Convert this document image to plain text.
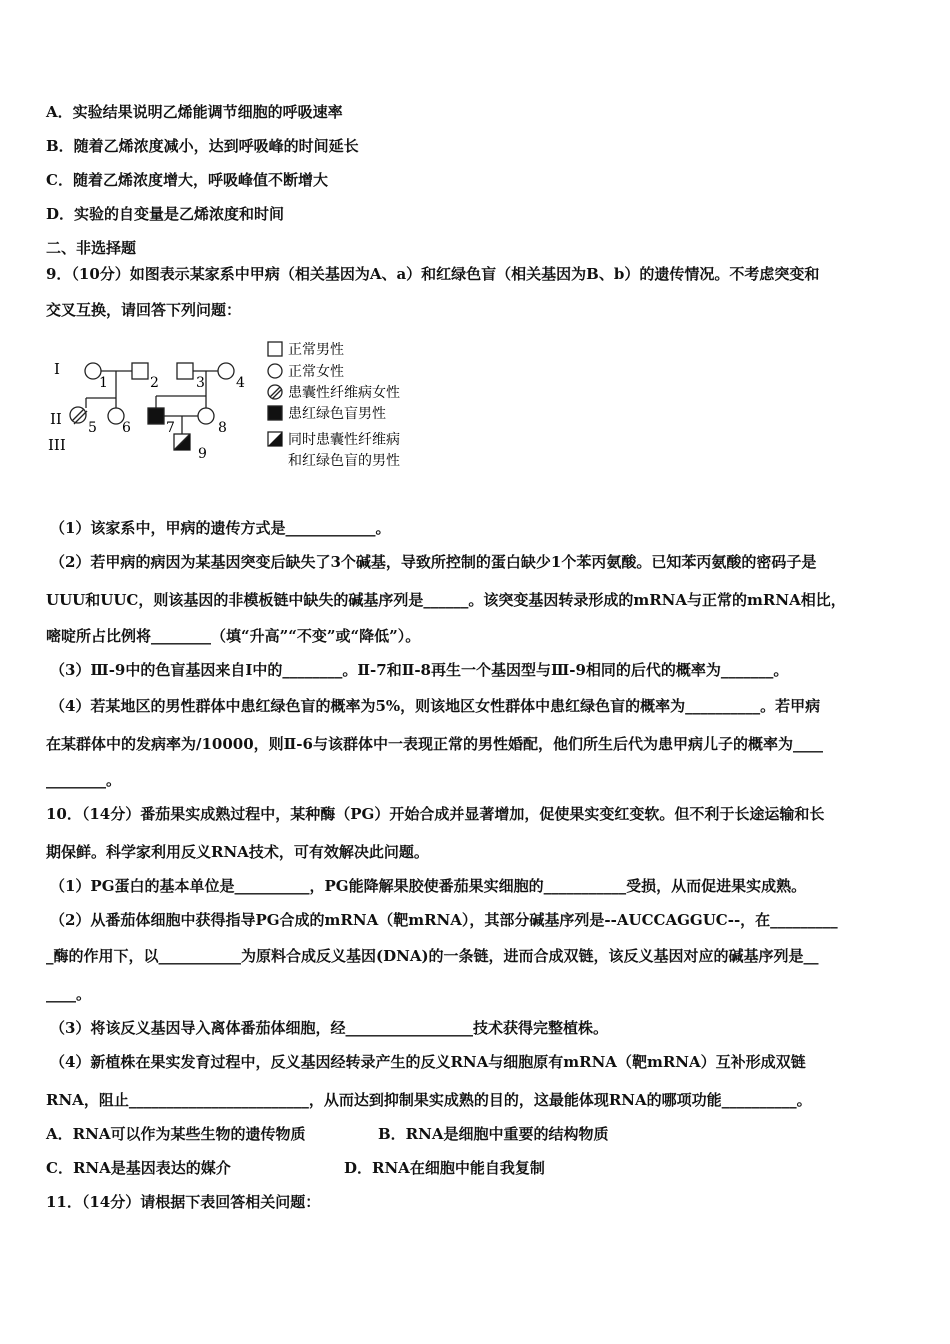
A．实验结果说明乙烯能调节细胞的呼吸速率
B．随着乙烯浓度减小，达到呼吸峰的时间延长
C．随着乙烯浓度增大，呼吸峰值不断增大
D．实验的自变量是乙烯浓度和时间
二、非选择题
9．（10分）如图表示某家系中甲病（相关基因为A、a）和红绿色盲（相关基因为B、b）的遗传情况。不考虑突变和
交叉互换，请回答下列问题：
I
II
III
1	2	3 4
5 6	7	8
9
正常男性
正常女性
患囊性纤维病女性
患红绿色盲男性
同时患囊性纤维病
和红绿色盲的男性
（1）该家系中，甲病的遗传方式是____________。
（2）若甲病的病因为某基因突变后缺失了3个碱基，导致所控制的蛋白缺少1个苯丙氨酸。已知苯丙氨酸的密码子是
UUU和UUC，则该基因的非模板链中缺失的碱基序列是______。该突变基因转录形成的mRNA与正常的mRNA相比，
嘧啶所占比例将________（填“升高”“不变”或“降低”）。
（3）Ⅲ-9中的色盲基因来自Ⅰ中的________。Ⅱ-7和Ⅱ-8再生一个基因型与Ⅲ-9相同的后代的概率为_______。
（4）若某地区的男性群体中患红绿色盲的概率为5%，则该地区女性群体中患红绿色盲的概率为__________。若甲病
在某群体中的发病率为/10000，则Ⅱ-6与该群体中一表现正常的男性婚配，他们所生后代为患甲病儿子的概率为____
________。
10．（14分）番茄果实成熟过程中，某种酶（PG）开始合成并显著增加，促使果实变红变软。但不利于长途运输和长
期保鲜。科学家利用反义RNA技术，可有效解决此问题。
（1）PG蛋白的基本单位是__________，PG能降解果胶使番茄果实细胞的___________受损，从而促进果实成熟。
（2）从番茄体细胞中获得指导PG合成的mRNA（靶mRNA），其部分碱基序列是--AUCCAGGUC--，在_________
_酶的作用下，以___________为原料合成反义基因(DNA)的一条链，进而合成双链，该反义基因对应的碱基序列是__
____。
（3）将该反义基因导入离体番茄体细胞，经_________________技术获得完整植株。
（4）新植株在果实发育过程中，反义基因经转录产生的反义RNA与细胞原有mRNA（靶mRNA）互补形成双链
RNA，阻止________________________，从而达到抑制果实成熟的目的，这最能体现RNA的哪项功能__________。
A．RNA可以作为某些生物的遗传物质	B．RNA是细胞中重要的结构物质
C．RNA是基因表达的媒介	D．RNA在细胞中能自我复制
11．（14分）请根据下表回答相关问题：
